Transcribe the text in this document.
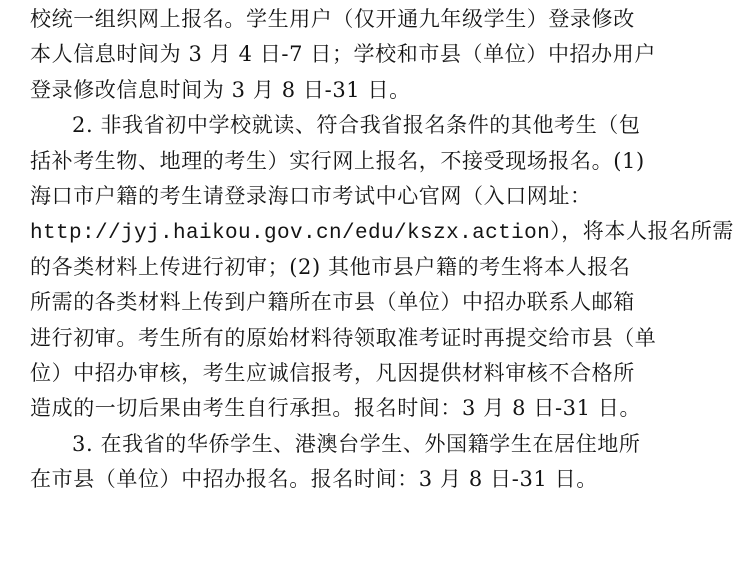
校统一组织网上报名。学生用户（仅开通九年级学生）登录修改
本人信息时间为 3 月 4 日-7 日；学校和市县（单位）中招办用户
登录修改信息时间为 3 月 8 日-31 日。
2. 非我省初中学校就读、符合我省报名条件的其他考生（包
括补考生物、地理的考生）实行网上报名，不接受现场报名。(1)
海口市户籍的考生请登录海口市考试中心官网（入口网址：
http://jyj.haikou.gov.cn/edu/kszx.action），将本人报名所需
的各类材料上传进行初审；(2) 其他市县户籍的考生将本人报名
所需的各类材料上传到户籍所在市县（单位）中招办联系人邮箱
进行初审。考生所有的原始材料待领取准考证时再提交给市县（单
位）中招办审核，考生应诚信报考，凡因提供材料审核不合格所
造成的一切后果由考生自行承担。报名时间：3 月 8 日-31 日。
3. 在我省的华侨学生、港澳台学生、外国籍学生在居住地所
在市县（单位）中招办报名。报名时间：3 月 8 日-31 日。
